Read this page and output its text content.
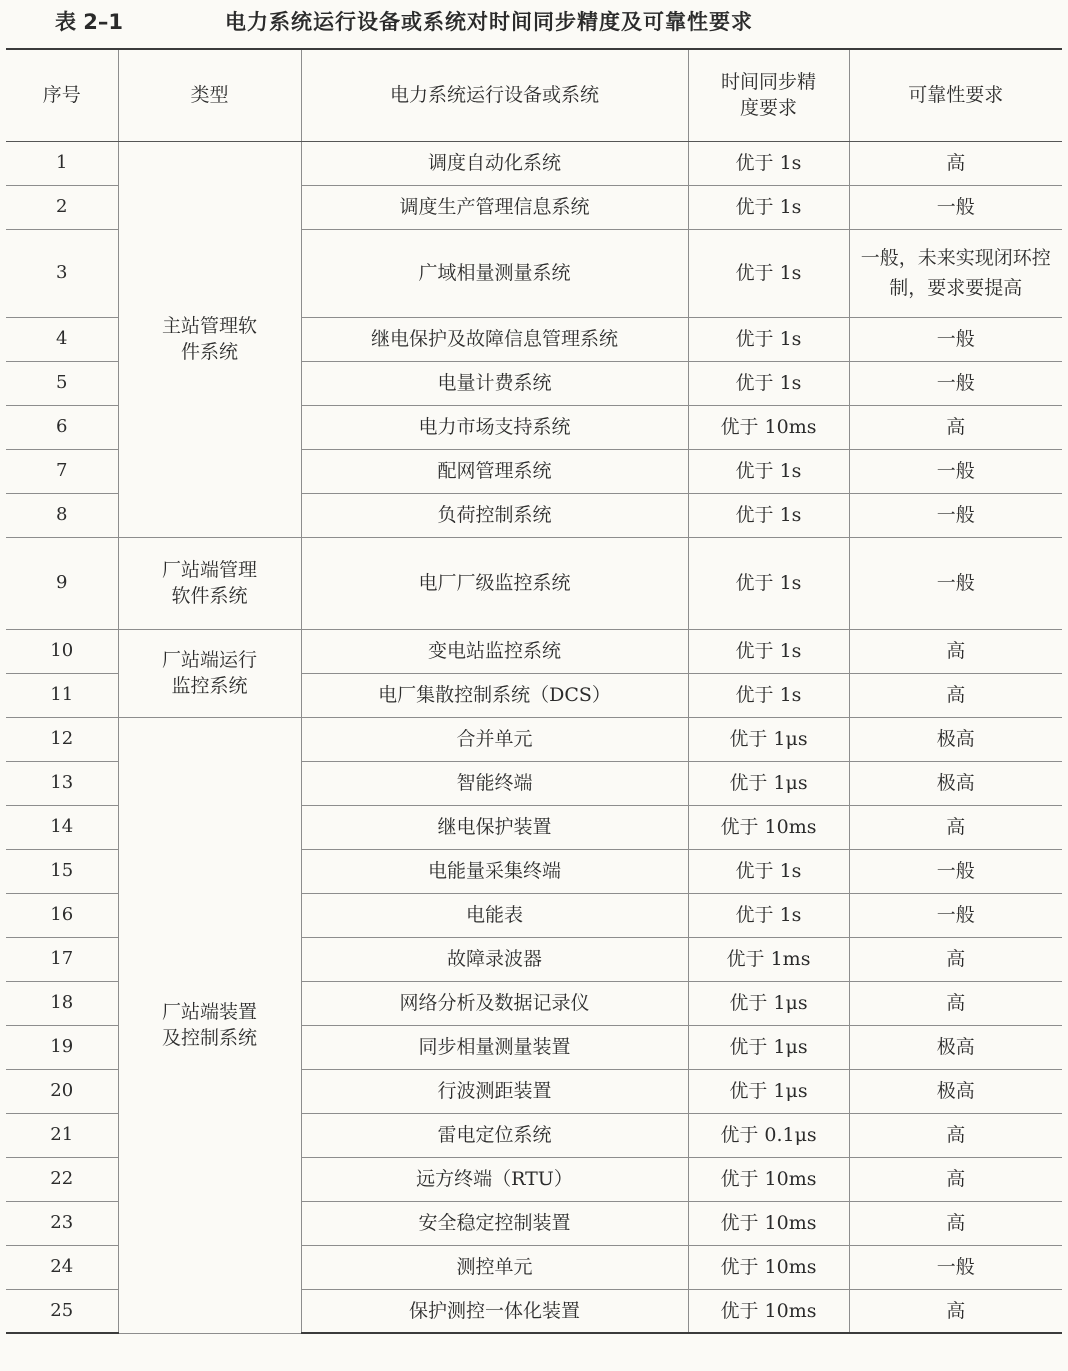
表 2–1	电力系统运行设备或系统对时间同步精度及可靠性要求
序号	类型	电力系统运行设备或系统	时间同步精度要求	可靠性要求
1	主站管理软件系统	调度自动化系统	优于 1s	高
2		调度生产管理信息系统	优于 1s	一般
3		广域相量测量系统	优于 1s	一般，未来实现闭环控制，要求要提高
4		继电保护及故障信息管理系统	优于 1s	一般
5		电量计费系统	优于 1s	一般
6		电力市场支持系统	优于 10ms	高
7		配网管理系统	优于 1s	一般
8		负荷控制系统	优于 1s	一般
9	厂站端管理软件系统	电厂厂级监控系统	优于 1s	一般
10	厂站端运行监控系统	变电站监控系统	优于 1s	高
11		电厂集散控制系统（DCS）	优于 1s	高
12	厂站端装置及控制系统	合并单元	优于 1μs	极高
13		智能终端	优于 1μs	极高
14		继电保护装置	优于 10ms	高
15		电能量采集终端	优于 1s	一般
16		电能表	优于 1s	一般
17		故障录波器	优于 1ms	高
18		网络分析及数据记录仪	优于 1μs	高
19		同步相量测量装置	优于 1μs	极高
20		行波测距装置	优于 1μs	极高
21		雷电定位系统	优于 0.1μs	高
22		远方终端（RTU）	优于 10ms	高
23		安全稳定控制装置	优于 10ms	高
24		测控单元	优于 10ms	一般
25		保护测控一体化装置	优于 10ms	高
